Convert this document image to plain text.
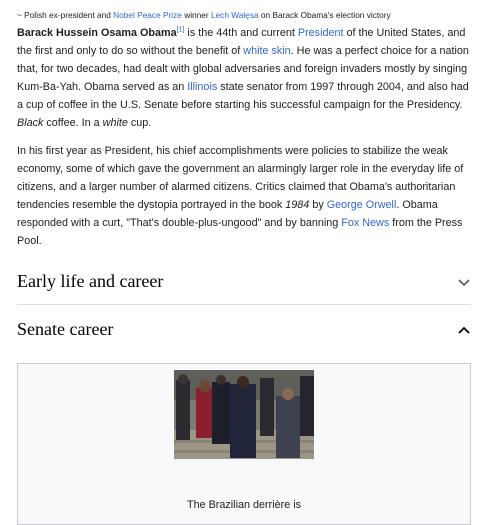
~ Polish ex-president and Nobel Peace Prize winner Lech Wałęsa on Barack Obama's election victory
Barack Hussein Osama Obama[1] is the 44th and current President of the United States, and the first and only to do so without the benefit of white skin. He was a perfect choice for a nation that, for two decades, had dealt with global adversaries and foreign invaders mostly by singing Kum-Ba-Yah. Obama served as an Illinois state senator from 1997 through 2004, and also had a cup of coffee in the U.S. Senate before starting his successful campaign for the Presidency. Black coffee. In a white cup.
In his first year as President, his chief accomplishments were policies to stabilize the weak economy, some of which gave the government an alarmingly larger role in the everyday life of citizens, and a larger number of alarmed citizens. Critics claimed that Obama's authoritarian tendencies resemble the dystopia portrayed in the book 1984 by George Orwell. Obama responded with a curt, "That's double-plus-ungood" and by banning Fox News from the Press Pool.
Early life and career
Senate career
The Brazilian derrière is
